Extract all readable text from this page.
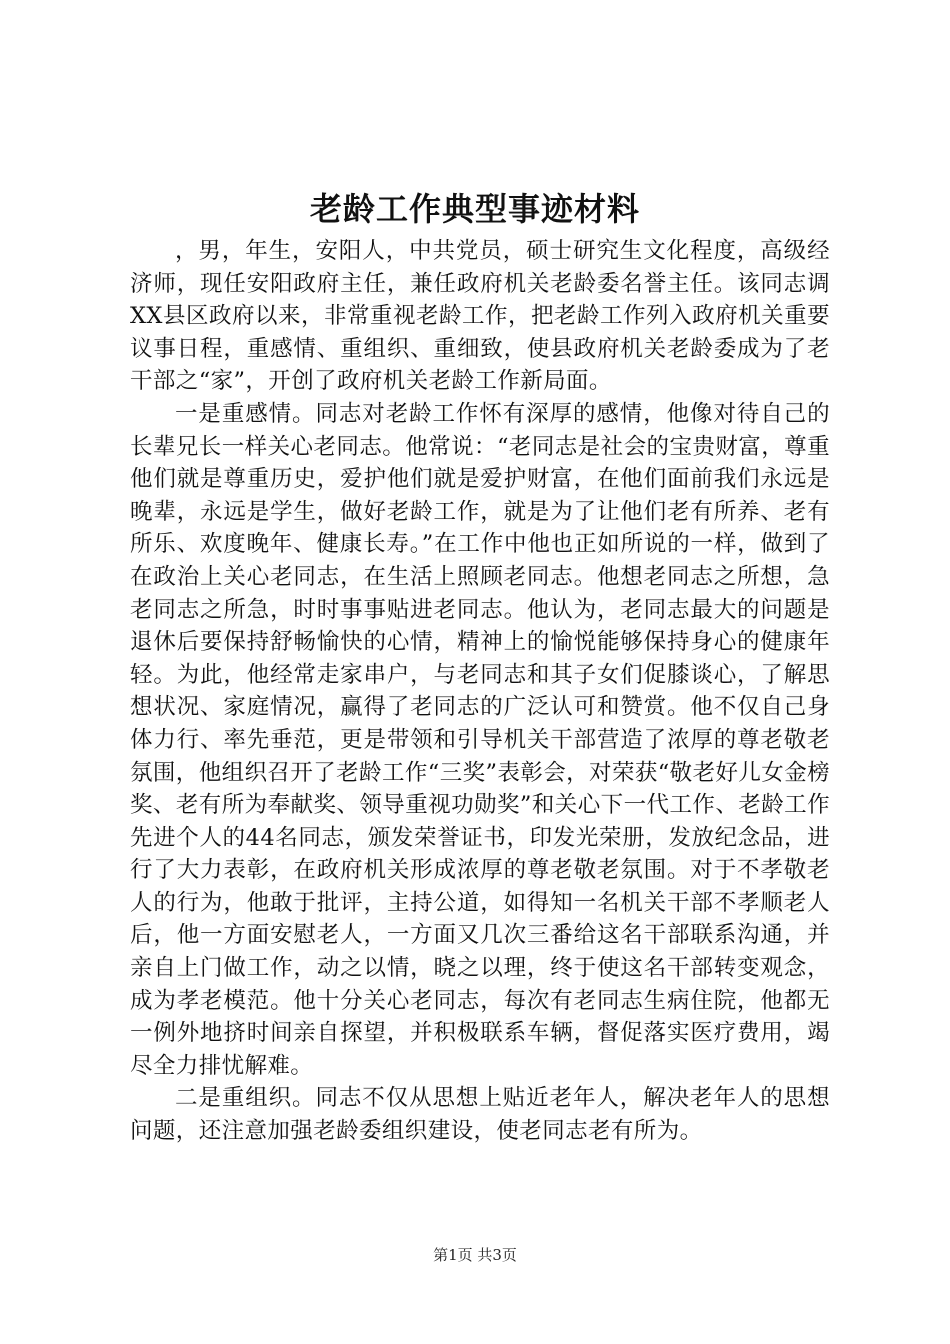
老龄工作典型事迹材料

，男，年生，安阳人，中共党员，硕士研究生文化程度，高级经济师，现任安阳政府主任，兼任政府机关老龄委名誉主任。该同志调XX县区政府以来，非常重视老龄工作，把老龄工作列入政府机关重要议事日程，重感情、重组织、重细致，使县政府机关老龄委成为了老干部之“家”，开创了政府机关老龄工作新局面。

一是重感情。同志对老龄工作怀有深厚的感情，他像对待自己的长辈兄长一样关心老同志。他常说：“老同志是社会的宝贵财富，尊重他们就是尊重历史，爱护他们就是爱护财富，在他们面前我们永远是晚辈，永远是学生，做好老龄工作，就是为了让他们老有所养、老有所乐、欢度晚年、健康长寿。”在工作中他也正如所说的一样，做到了在政治上关心老同志，在生活上照顾老同志。他想老同志之所想，急老同志之所急，时时事事贴进老同志。他认为，老同志最大的问题是退休后要保持舒畅愉快的心情，精神上的愉悦能够保持身心的健康年轻。为此，他经常走家串户，与老同志和其子女们促膝谈心，了解思想状况、家庭情况，赢得了老同志的广泛认可和赞赏。他不仅自己身体力行、率先垂范，更是带领和引导机关干部营造了浓厚的尊老敬老氛围，他组织召开了老龄工作“三奖”表彰会，对荣获“敬老好儿女金榜奖、老有所为奉献奖、领导重视功勋奖”和关心下一代工作、老龄工作先进个人的44名同志，颁发荣誉证书，印发光荣册，发放纪念品，进行了大力表彰，在政府机关形成浓厚的尊老敬老氛围。对于不孝敬老人的行为，他敢于批评，主持公道，如得知一名机关干部不孝顺老人后，他一方面安慰老人，一方面又几次三番给这名干部联系沟通，并亲自上门做工作，动之以情，晓之以理，终于使这名干部转变观念，成为孝老模范。他十分关心老同志，每次有老同志生病住院，他都无一例外地挤时间亲自探望，并积极联系车辆，督促落实医疗费用，竭尽全力排忧解难。

二是重组织。同志不仅从思想上贴近老年人，解决老年人的思想问题，还注意加强老龄委组织建设，使老同志老有所为。

第1页 共3页
